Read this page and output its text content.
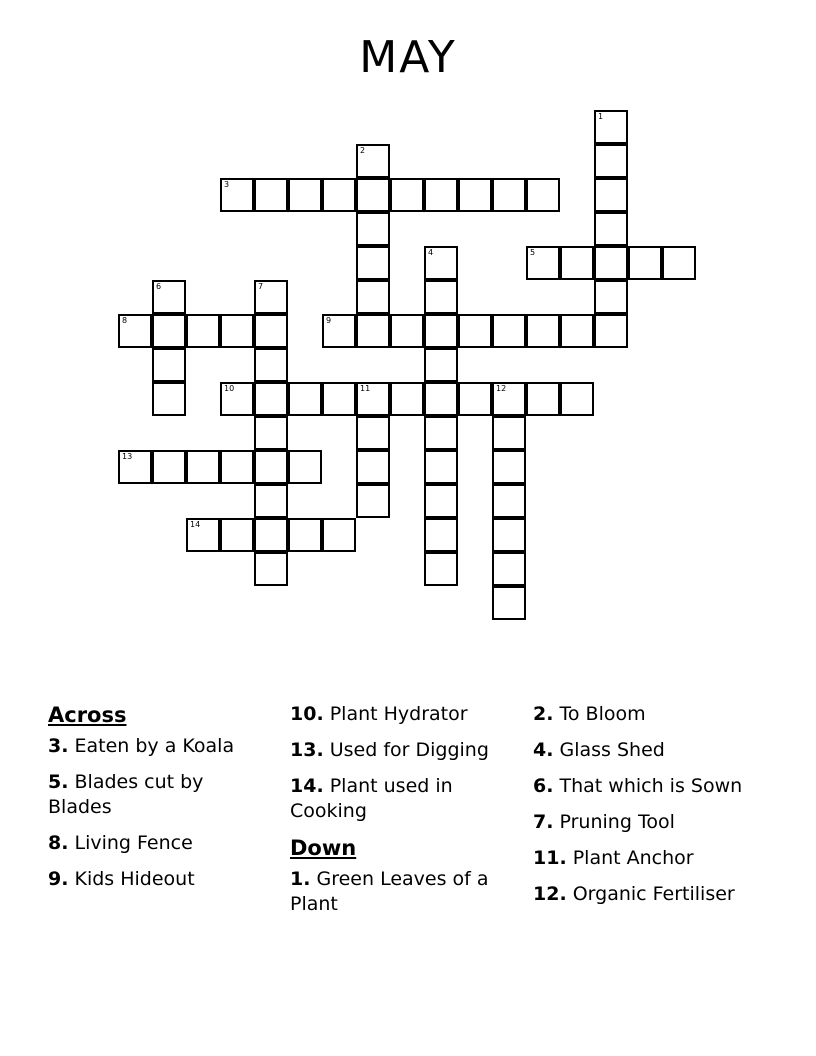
MAY
1
2
3
4	5
6	7
8	9
10	11	12
13
14
Across
3. Eaten by a Koala
5. Blades cut by Blades
8. Living Fence
9. Kids Hideout
10. Plant Hydrator
13. Used for Digging
14. Plant used in Cooking
Down
1. Green Leaves of a Plant
2. To Bloom
4. Glass Shed
6. That which is Sown
7. Pruning Tool
11. Plant Anchor
12. Organic Fertiliser
